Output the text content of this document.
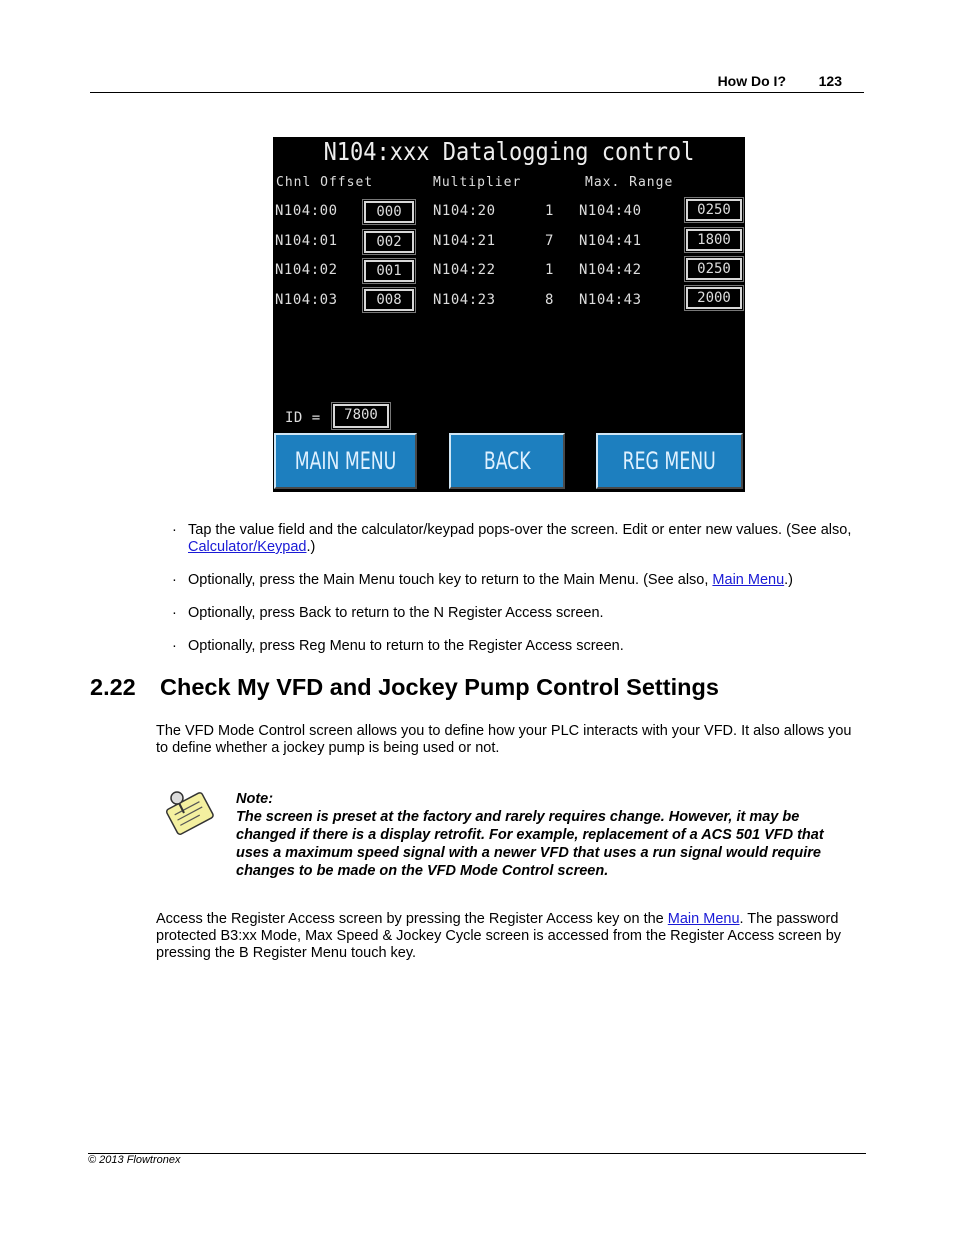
How Do I? 123
N104:xxx Datalogging control
Chnl Offset	Multiplier	Max. Range
N104:00	000	N104:20	1 N104:40	0250
N104:01	002	N104:21	7 N104:41	1800
N104:02	001	N104:22	1 N104:42	0250
N104:03	008	N104:23	8 N104:43	2000
ID =	7800
MAIN MENU	BACK	REG MENU
· Tap the value field and the calculator/keypad pops-over the screen. Edit or enter new values. (See also, Calculator/Keypad.)
· Optionally, press the Main Menu touch key to return to the Main Menu. (See also, Main Menu.)
· Optionally, press Back to return to the N Register Access screen.
· Optionally, press Reg Menu to return to the Register Access screen.
2.22 Check My VFD and Jockey Pump Control Settings
The VFD Mode Control screen allows you to define how your PLC interacts with your VFD. It also allows you to define whether a jockey pump is being used or not.
Note:
The screen is preset at the factory and rarely requires change. However, it may be changed if there is a display retrofit. For example, replacement of a ACS 501 VFD that uses a maximum speed signal with a newer VFD that uses a run signal would require changes to be made on the VFD Mode Control screen.
Access the Register Access screen by pressing the Register Access key on the Main Menu. The password protected B3:xx Mode, Max Speed & Jockey Cycle screen is accessed from the Register Access screen by pressing the B Register Menu touch key.
© 2013 Flowtronex
